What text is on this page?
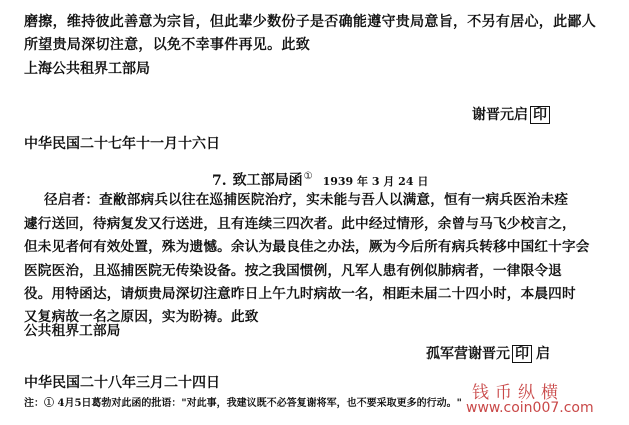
磨擦，维持彼此善意为宗旨，但此辈少数份子是否确能遵守贵局意旨，不另有居心，此鄙人
所望贵局深切注意，以免不幸事件再见。此致
上海公共租界工部局
谢晋元启 印
中华民国二十七年十一月十六日
7. 致工部局函① 1939 年 3 月 24 日
径启者：查敝部病兵以往在巡捕医院治疗，实未能与吾人以满意，恒有一病兵医治未痊
遽行送回，待病复发又行送进，且有连续三四次者。此中经过情形，余曾与马飞少校言之，
但未见者何有效处置，殊为遗憾。余认为最良佳之办法，厥为今后所有病兵转移中国红十字会
医院医治，且巡捕医院无传染设备。按之我国惯例，凡军人患有例似肺病者，一律限令退
役。用特函达，请烦贵局深切注意昨日上午九时病故一名，相距未届二十四小时，本晨四时
又复病故一名之原因，实为盼祷。此致
公共租界工部局
孤军营谢晋元 印 启
中华民国二十八年三月二十四日
注：① 4月5日葛勃对此函的批语："对此事，我建议既不必答复谢将军，也不要采取更多的行动。"
钱币纵横
www.coin007.com
